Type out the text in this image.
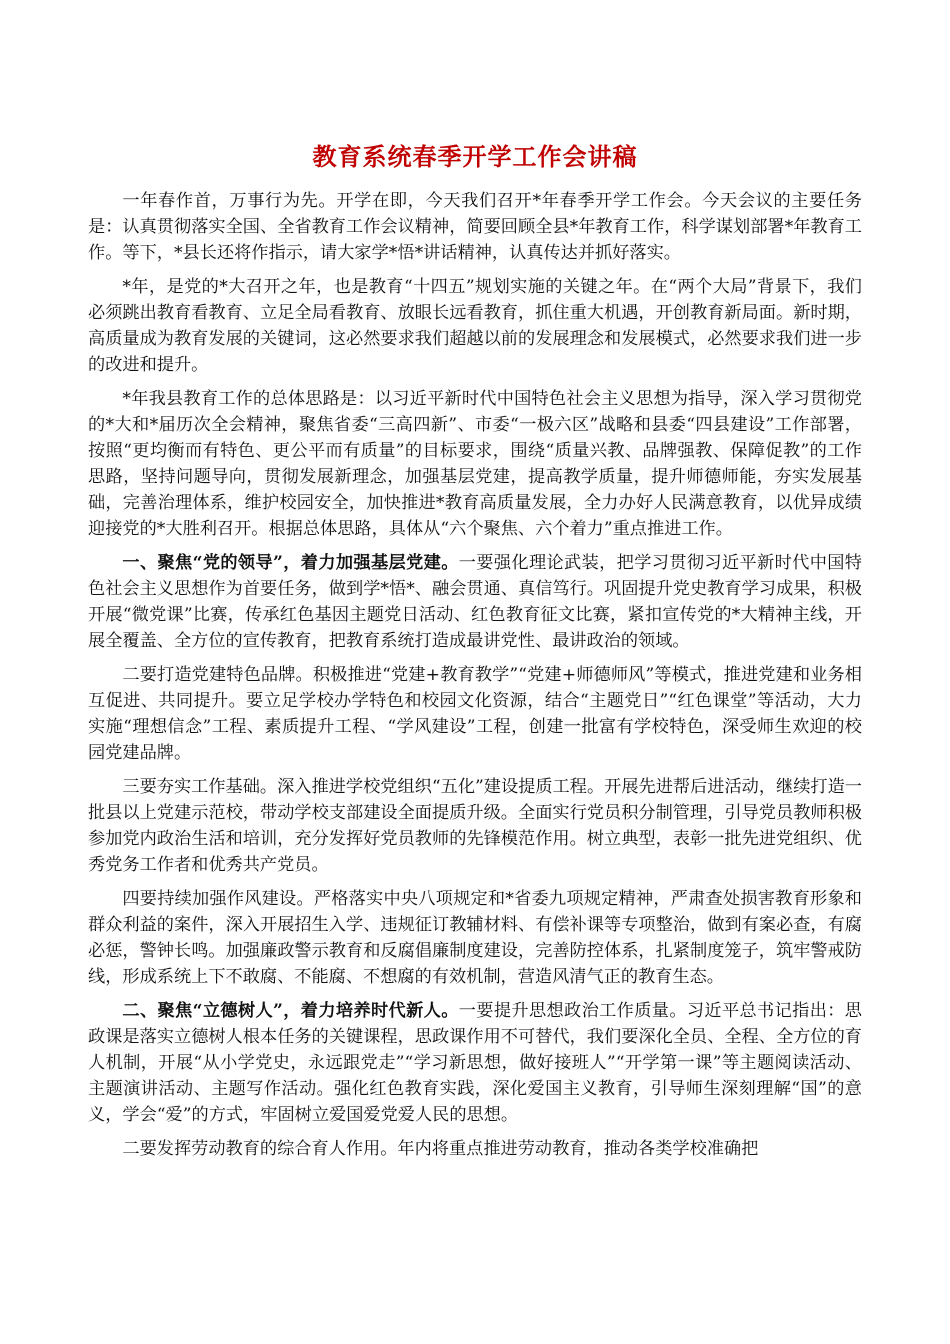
教育系统春季开学工作会讲稿

一年春作首，万事行为先。开学在即，今天我们召开*年春季开学工作会。今天会议的主要任务是：认真贯彻落实全国、全省教育工作会议精神，简要回顾全县*年教育工作，科学谋划部署*年教育工作。等下，*县长还将作指示，请大家学*悟*讲话精神，认真传达并抓好落实。

*年，是党的*大召开之年，也是教育“十四五”规划实施的关键之年。在“两个大局”背景下，我们必须跳出教育看教育、立足全局看教育、放眼长远看教育，抓住重大机遇，开创教育新局面。新时期，高质量成为教育发展的关键词，这必然要求我们超越以前的发展理念和发展模式，必然要求我们进一步的改进和提升。

*年我县教育工作的总体思路是：以习近平新时代中国特色社会主义思想为指导，深入学习贯彻党的*大和*届历次全会精神，聚焦省委“三高四新”、市委“一极六区”战略和县委“四县建设”工作部署，按照“更均衡而有特色、更公平而有质量”的目标要求，围绕“质量兴教、品牌强教、保障促教”的工作思路，坚持问题导向，贯彻发展新理念，加强基层党建，提高教学质量，提升师德师能，夯实发展基础，完善治理体系，维护校园安全，加快推进*教育高质量发展，全力办好人民满意教育，以优异成绩迎接党的*大胜利召开。根据总体思路，具体从“六个聚焦、六个着力”重点推进工作。

一、聚焦“党的领导”，着力加强基层党建。一要强化理论武装，把学习贯彻习近平新时代中国特色社会主义思想作为首要任务，做到学*悟*、融会贯通、真信笃行。巩固提升党史教育学习成果，积极开展“微党课”比赛，传承红色基因主题党日活动、红色教育征文比赛，紧扣宣传党的*大精神主线，开展全覆盖、全方位的宣传教育，把教育系统打造成最讲党性、最讲政治的领域。

二要打造党建特色品牌。积极推进“党建+教育教学”“党建+师德师风”等模式，推进党建和业务相互促进、共同提升。要立足学校办学特色和校园文化资源，结合“主题党日”“红色课堂”等活动，大力实施“理想信念”工程、素质提升工程、“学风建设”工程，创建一批富有学校特色，深受师生欢迎的校园党建品牌。

三要夯实工作基础。深入推进学校党组织“五化”建设提质工程。开展先进帮后进活动，继续打造一批县以上党建示范校，带动学校支部建设全面提质升级。全面实行党员积分制管理，引导党员教师积极参加党内政治生活和培训，充分发挥好党员教师的先锋模范作用。树立典型，表彰一批先进党组织、优秀党务工作者和优秀共产党员。

四要持续加强作风建设。严格落实中央八项规定和*省委九项规定精神，严肃查处损害教育形象和群众利益的案件，深入开展招生入学、违规征订教辅材料、有偿补课等专项整治，做到有案必查，有腐必惩，警钟长鸣。加强廉政警示教育和反腐倡廉制度建设，完善防控体系，扎紧制度笼子，筑牢警戒防线，形成系统上下不敢腐、不能腐、不想腐的有效机制，营造风清气正的教育生态。

二、聚焦“立德树人”，着力培养时代新人。一要提升思想政治工作质量。习近平总书记指出：思政课是落实立德树人根本任务的关键课程，思政课作用不可替代，我们要深化全员、全程、全方位的育人机制，开展“从小学党史，永远跟党走”“学习新思想，做好接班人”“开学第一课”等主题阅读活动、主题演讲活动、主题写作活动。强化红色教育实践，深化爱国主义教育，引导师生深刻理解“国”的意义，学会“爱”的方式，牢固树立爱国爱党爱人民的思想。

二要发挥劳动教育的综合育人作用。年内将重点推进劳动教育，推动各类学校准确把
